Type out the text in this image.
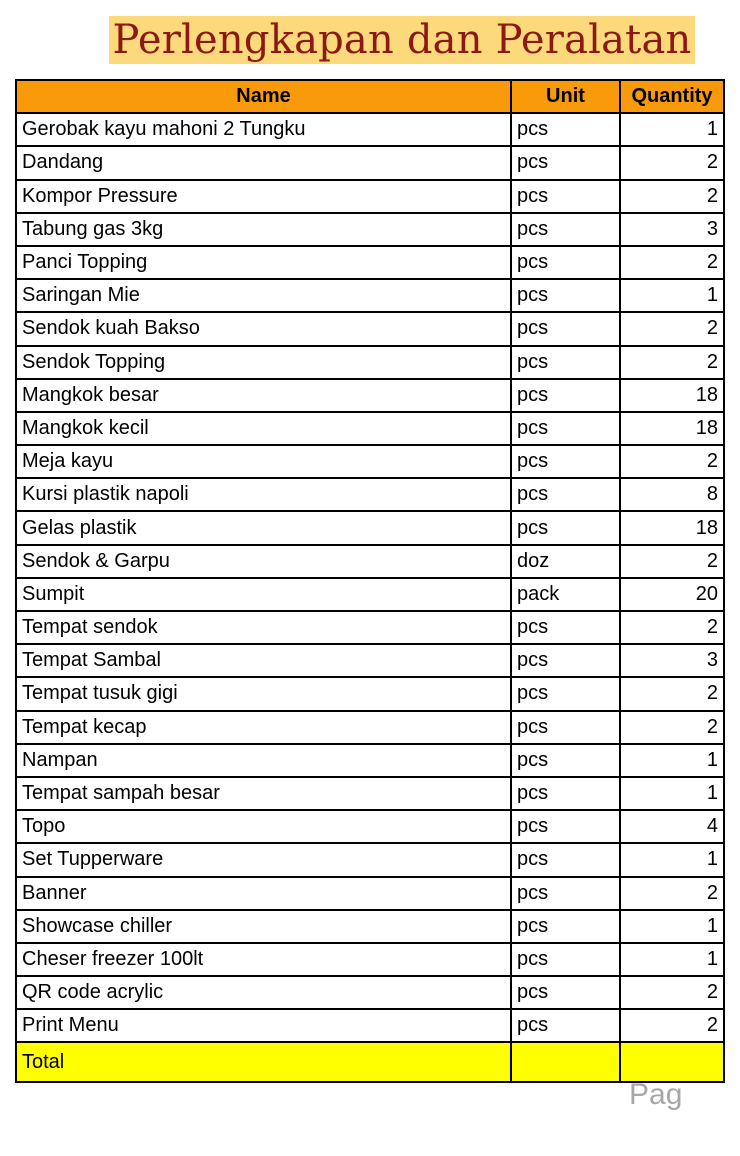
Perlengkapan dan Peralatan
Name	Unit	Quantity
Gerobak kayu mahoni 2 Tungku	pcs	1
Dandang	pcs	2
Kompor Pressure	pcs	2
Tabung gas 3kg	pcs	3
Panci Topping	pcs	2
Saringan Mie	pcs	1
Sendok kuah Bakso	pcs	2
Sendok Topping	pcs	2
Mangkok besar	pcs	18
Mangkok kecil	pcs	18
Meja kayu	pcs	2
Kursi plastik napoli	pcs	8
Gelas plastik	pcs	18
Sendok & Garpu	doz	2
Sumpit	pack	20
Tempat sendok	pcs	2
Tempat Sambal	pcs	3
Tempat tusuk gigi	pcs	2
Tempat kecap	pcs	2
Nampan	pcs	1
Tempat sampah besar	pcs	1
Topo	pcs	4
Set Tupperware	pcs	1
Banner	pcs	2
Showcase chiller	pcs	1
Cheser freezer 100lt	pcs	1
QR code acrylic	pcs	2
Print Menu	pcs	2
Total		
Pag
